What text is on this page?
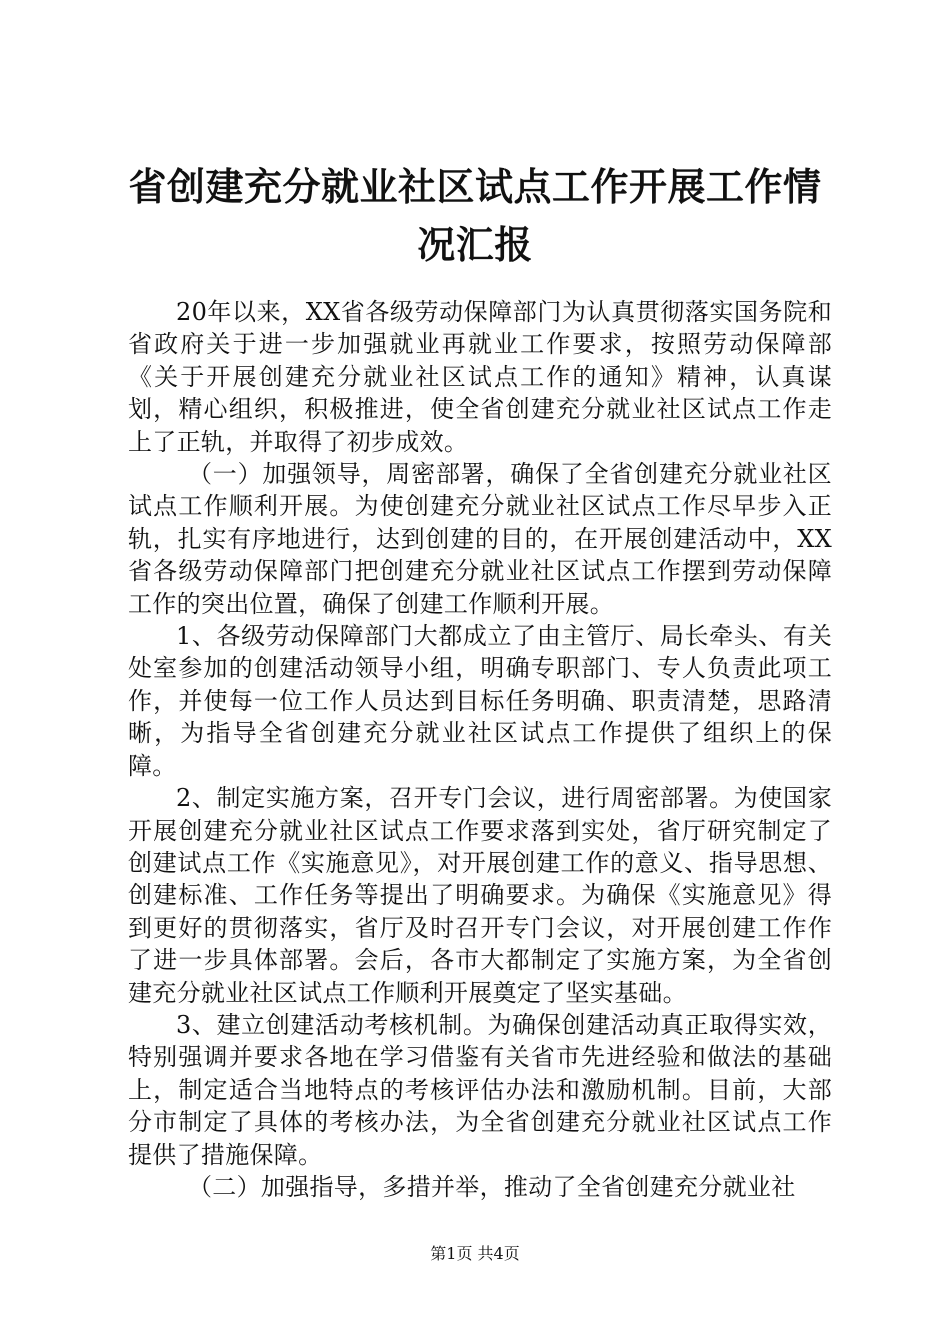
省创建充分就业社区试点工作开展工作情况汇报

20年以来，XX省各级劳动保障部门为认真贯彻落实国务院和省政府关于进一步加强就业再就业工作要求，按照劳动保障部《关于开展创建充分就业社区试点工作的通知》精神，认真谋划，精心组织，积极推进，使全省创建充分就业社区试点工作走上了正轨，并取得了初步成效。

（一）加强领导，周密部署，确保了全省创建充分就业社区试点工作顺利开展。为使创建充分就业社区试点工作尽早步入正轨，扎实有序地进行，达到创建的目的，在开展创建活动中，XX省各级劳动保障部门把创建充分就业社区试点工作摆到劳动保障工作的突出位置，确保了创建工作顺利开展。

1、各级劳动保障部门大都成立了由主管厅、局长牵头、有关处室参加的创建活动领导小组，明确专职部门、专人负责此项工作，并使每一位工作人员达到目标任务明确、职责清楚，思路清晰，为指导全省创建充分就业社区试点工作提供了组织上的保障。

2、制定实施方案，召开专门会议，进行周密部署。为使国家开展创建充分就业社区试点工作要求落到实处，省厅研究制定了创建试点工作《实施意见》，对开展创建工作的意义、指导思想、创建标准、工作任务等提出了明确要求。为确保《实施意见》得到更好的贯彻落实，省厅及时召开专门会议，对开展创建工作作了进一步具体部署。会后，各市大都制定了实施方案，为全省创建充分就业社区试点工作顺利开展奠定了坚实基础。

3、建立创建活动考核机制。为确保创建活动真正取得实效，特别强调并要求各地在学习借鉴有关省市先进经验和做法的基础上，制定适合当地特点的考核评估办法和激励机制。目前，大部分市制定了具体的考核办法，为全省创建充分就业社区试点工作提供了措施保障。

（二）加强指导，多措并举，推动了全省创建充分就业社

第1页 共4页
